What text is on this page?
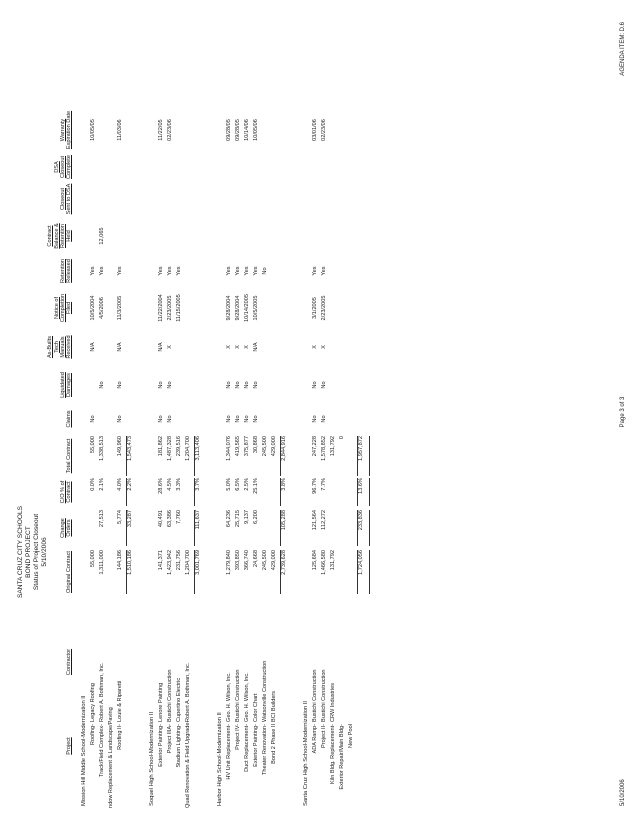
SANTA CRUZ CITY SCHOOLS BOND PROJECT Status of Project Closeout 5/10/2006
Project
Contractor
Original Contract
Change Orders
C/O % of Contract
Total Contract
Claims
Liquidated Damages
As-Builts Tech Manuals Received
Notice of Completion Filed
Retention Released
Contract Balance & Retention Held
Closeout Sent to DSA
DSA Closeout Complete
Warranty Expiration Date
Mission Hill Middle School-Modernization II Roofing-
Legacy Roofing
55,000
0.0%
55,000
No
N/A
10/5/2004
Yes
10/05/05
Track/Field Complex-
Robert A. Bothman, Inc.
1,311,000
27,513
2.1%
1,338,513
No
4/5/2006
Yes
12,065
ndow Replacement & Landscape/Paving Roofing II-
Louie & Riparetti
144,186
5,774
4.0%
149,960
No
No
N/A
11/3/2005
Yes
11/03/06
1,510,186
33,287
2.2%
1,543,473
Soquel High School-Modernization II Exterior Painting-
Lenore Painting
141,371
40,491
28.6%
181,862
No
No
N/A
11/22/2004
Yes
11/22/05
Project IIIA-
Bustichi Construction
1,423,942
63,386
4.5%
1,487,328
No
No
X
2/23/2005
Yes
02/23/06
Stadium Lighting-
Cupertino Electric
231,756
7,760
3.3%
239,516
11/15/2005
Yes
Quad Renovation & Field Upgrade-
Robert A. Bothman, Inc.
1,204,700
1,204,700
3,001,769
111,637
3.7%
3,113,406
Harbor High School-Modernization II HV Unit Replacement-
Geo. H. Wilson, Inc.
1,279,840
64,236
5.0%
1,344,076
No
No
X
9/28/2004
Yes
09/28/05
Project IV-
Bustichi Construction
393,850
25,715
6.5%
419,565
No
No
X
9/28/2004
Yes
09/28/05
Duct Replacement-
Geo. H. Wilson, Inc.
366,740
9,137
2.5%
375,877
No
No
X
10/14/2005
Yes
10/14/06
Exterior Painting-
Color Chart
24,668
6,200
25.1%
30,868
No
No
N/A
10/5/2005
Yes
10/05/06
Theater Renovation-
Watsonville Construction
245,500
245,500
No
Bond 2 Phase II
BCI Builders
429,000
429,000
2,739,628
105,288
3.8%
2,844,916
Santa Cruz High School-Modernization II ADA Ramp-
Bustichi Construction
125,684
121,564
96.7%
247,228
No
No
X
3/1/2005
Yes
03/01/06
Project II-
Bustichi Construction
1,466,580
112,272
7.7%
1,578,852
No
No
X
2/23/2005
Yes
02/23/06
Kiln Bldg. Replacement-
CRW Industries
131,792
131,792
Exterior Repair/Main Bldg-
0
New Pool
1,724,056
233,836
13.6%
1,957,872
5/10/2006
Page 3 of 3
AGENDA ITEM: D.6
